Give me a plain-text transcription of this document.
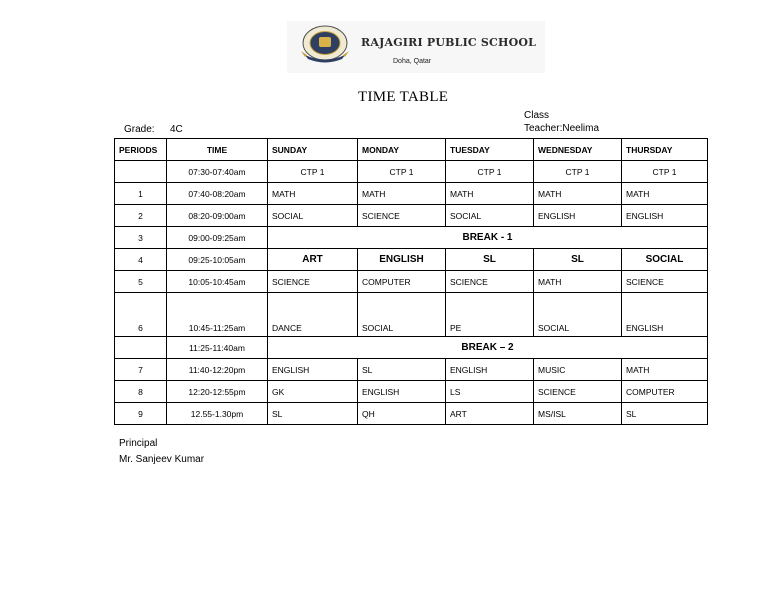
RAJAGIRI PUBLIC SCHOOL
Doha, Qatar
TIME TABLE
Class
Teacher:Neelima
Grade: 4C
PERIODS	TIME	SUNDAY	MONDAY	TUESDAY	WEDNESDAY	THURSDAY
	07:30-07:40am	CTP 1	CTP 1	CTP 1	CTP 1	CTP 1
1	07:40-08:20am	MATH	MATH	MATH	MATH	MATH
2	08:20-09:00am	SOCIAL	SCIENCE	SOCIAL	ENGLISH	ENGLISH
3	09:00-09:25am	BREAK - 1				
4	09:25-10:05am	ART	ENGLISH	SL	SL	SOCIAL
5	10:05-10:45am	SCIENCE	COMPUTER	SCIENCE	MATH	SCIENCE
6	10:45-11:25am	DANCE	SOCIAL	PE	SOCIAL	ENGLISH
	11:25-11:40am	BREAK – 2				
7	11:40-12:20pm	ENGLISH	SL	ENGLISH	MUSIC	MATH
8	12:20-12:55pm	GK	ENGLISH	LS	SCIENCE	COMPUTER
9	12.55-1.30pm	SL	QH	ART	MS/ISL	SL
Principal
Mr. Sanjeev Kumar
